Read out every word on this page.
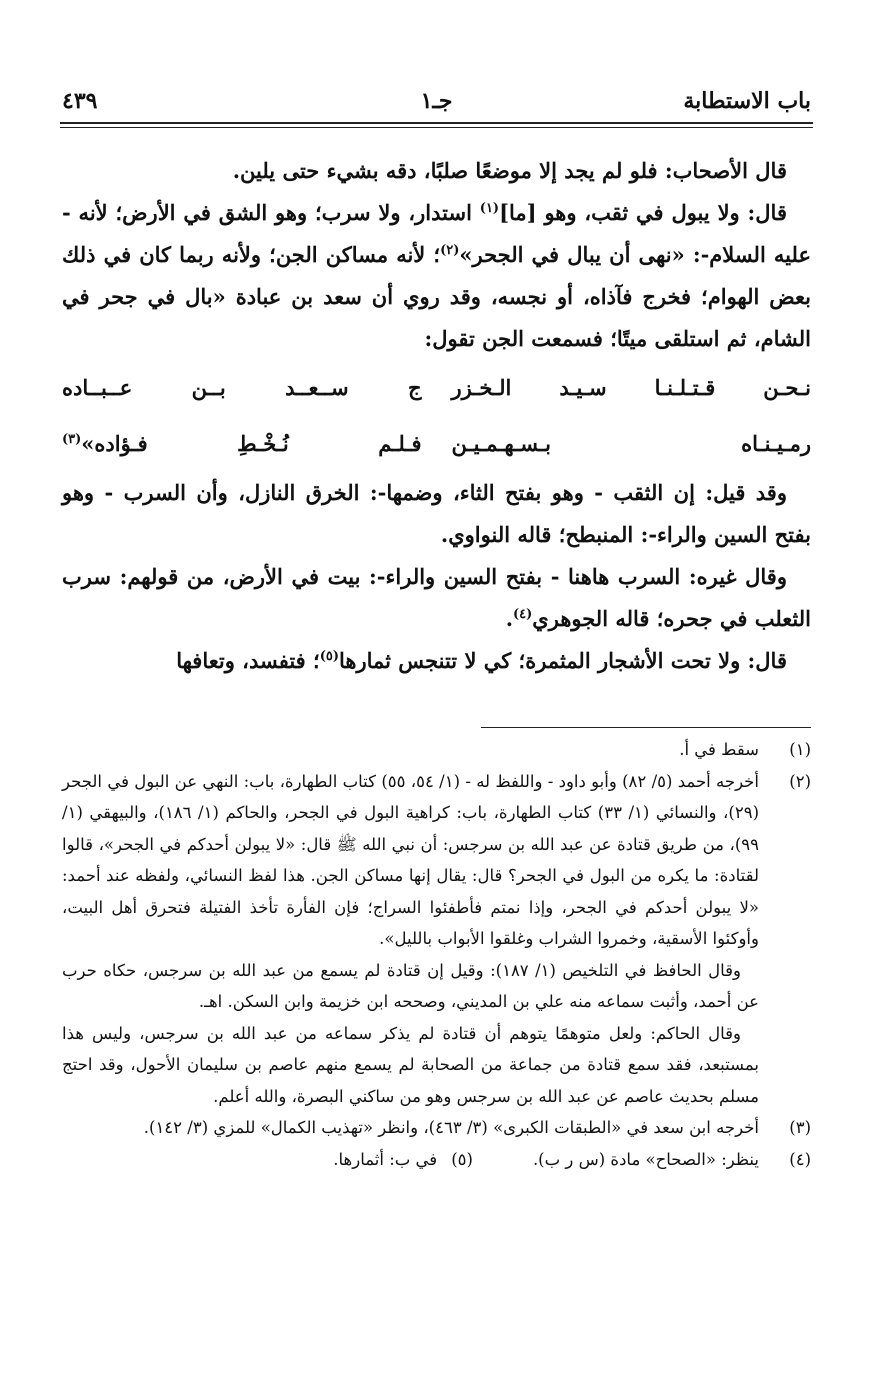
باب الاستطابة
جـ١
٤٣٩

قال الأصحاب: فلو لم يجد إلا موضعًا صلبًا، دقه بشيء حتى يلين.

قال: ولا يبول في ثقب، وهو [ما]$^{(١)}$ استدار، ولا سرب؛ وهو الشق في الأرض؛ لأنه - عليه السلام-: «نهى أن يبال في الجحر»$^{(٢)}$؛ لأنه مساكن الجن؛ ولأنه ربما كان في ذلك بعض الهوام؛ فخرج فآذاه، أو نجسه، وقد روي أن سعد بن عبادة «بال في جحر في الشام، ثم استلقى ميتًا؛ فسمعت الجن تقول:

نـحـن قـتـلـنـا سـيـد الـخـزر
ج ســعــد بــن عــبــاده
رمـيـنـاه بـسـهـمـيـن
فـلـم نُـخْـطِ فـؤاده»$^{(٣)}$

وقد قيل: إن الثقب - وهو بفتح الثاء، وضمها-: الخرق النازل، وأن السرب - وهو بفتح السين والراء-: المنبطح؛ قاله النواوي.

وقال غيره: السرب هاهنا - بفتح السين والراء-: بيت في الأرض، من قولهم: سرب الثعلب في جحره؛ قاله الجوهري$^{(٤)}$.

قال: ولا تحت الأشجار المثمرة؛ كي لا تتنجس ثمارها$^{(٥)}$؛ فتفسد، وتعافها

(١)
سقط في أ.
(٢)

أخرجه أحمد (٥/ ٨٢) وأبو داود - واللفظ له - (١/ ٥٤، ٥٥) كتاب الطهارة، باب: النهي عن البول في الجحر (٢٩)، والنسائي (١/ ٣٣) كتاب الطهارة، باب: كراهية البول في الجحر، والحاكم (١/ ١٨٦)، والبيهقي (١/ ٩٩)، من طريق قتادة عن عبد الله بن سرجس: أن نبي الله ﷺ قال: «لا يبولن أحدكم في الجحر»، قالوا لقتادة: ما يكره من البول في الجحر؟ قال: يقال إنها مساكن الجن. هذا لفظ النسائي، ولفظه عند أحمد: «لا يبولن أحدكم في الجحر، وإذا نمتم فأطفئوا السراج؛ فإن الفأرة تأخذ الفتيلة فتحرق أهل البيت، وأوكئوا الأسقية، وخمروا الشراب وغلقوا الأبواب بالليل».

وقال الحافظ في التلخيص (١/ ١٨٧): وقيل إن قتادة لم يسمع من عبد الله بن سرجس، حكاه حرب عن أحمد، وأثبت سماعه منه علي بن المديني، وصححه ابن خزيمة وابن السكن. اهـ.

وقال الحاكم: ولعل متوهمًا يتوهم أن قتادة لم يذكر سماعه من عبد الله بن سرجس، وليس هذا بمستبعد، فقد سمع قتادة من جماعة من الصحابة لم يسمع منهم عاصم بن سليمان الأحول، وقد احتج مسلم بحديث عاصم عن عبد الله بن سرجس وهو من ساكني البصرة، والله أعلم.

(٣)
أخرجه ابن سعد في «الطبقات الكبرى» (٣/ ٤٦٣)، وانظر «تهذيب الكمال» للمزي (٣/ ١٤٢).
(٤)
ينظر: «الصحاح» مادة (س ر ب).
(٥)
في ب: أثمارها.
